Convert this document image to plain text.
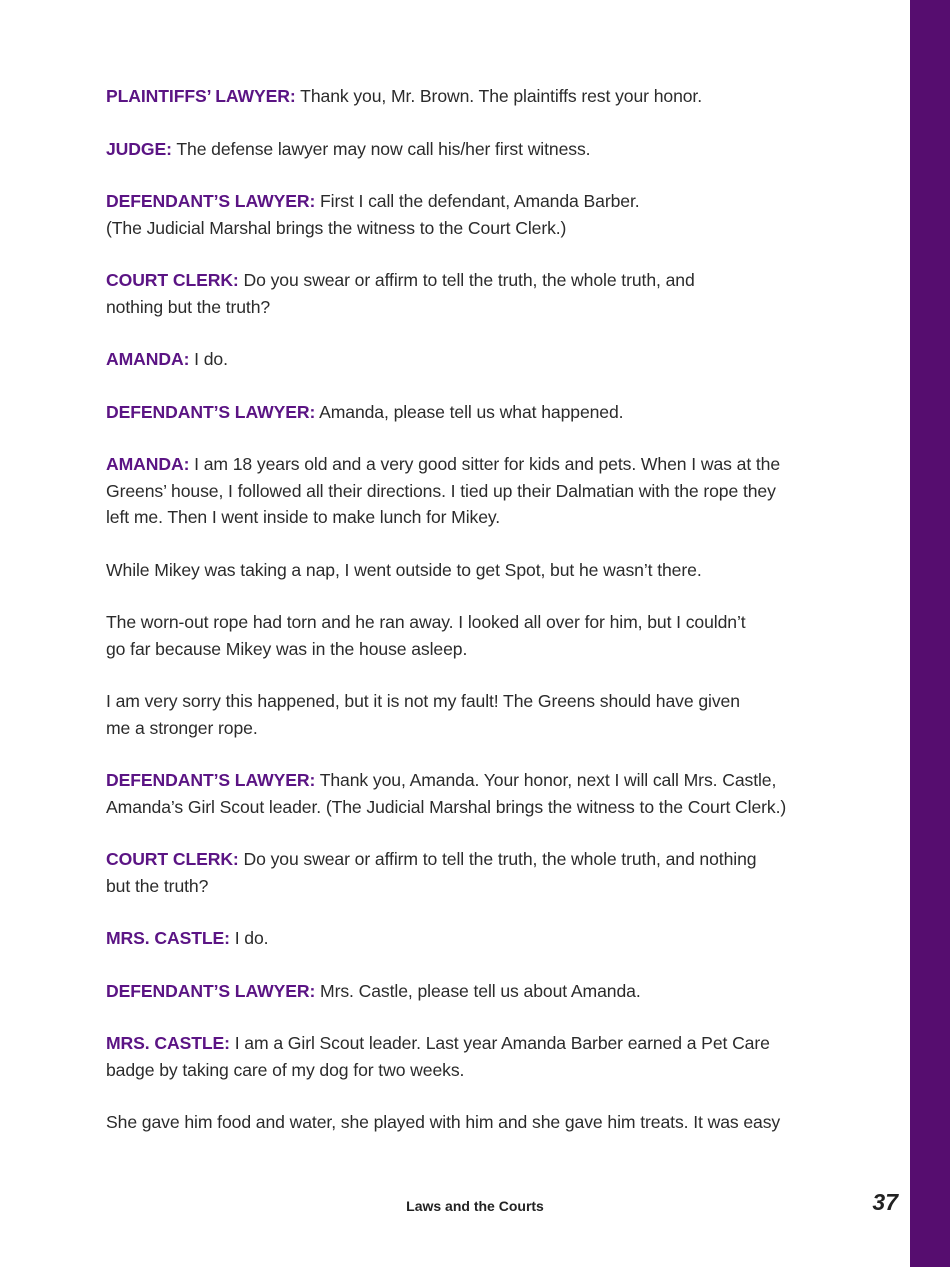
PLAINTIFFS’ LAWYER: Thank you, Mr. Brown. The plaintiffs rest your honor.

JUDGE: The defense lawyer may now call his/her first witness.

DEFENDANT’S LAWYER: First I call the defendant, Amanda Barber.
(The Judicial Marshal brings the witness to the Court Clerk.)

COURT CLERK: Do you swear or affirm to tell the truth, the whole truth, and
nothing but the truth?

AMANDA: I do.

DEFENDANT’S LAWYER: Amanda, please tell us what happened.

AMANDA: I am 18 years old and a very good sitter for kids and pets. When I was at the
Greens’ house, I followed all their directions. I tied up their Dalmatian with the rope they
left me. Then I went inside to make lunch for Mikey.

While Mikey was taking a nap, I went outside to get Spot, but he wasn’t there.

The worn-out rope had torn and he ran away. I looked all over for him, but I couldn’t
go far because Mikey was in the house asleep.

I am very sorry this happened, but it is not my fault! The Greens should have given
me a stronger rope.

DEFENDANT’S LAWYER: Thank you, Amanda. Your honor, next I will call Mrs. Castle,
Amanda’s Girl Scout leader. (The Judicial Marshal brings the witness to the Court Clerk.)

COURT CLERK: Do you swear or affirm to tell the truth, the whole truth, and nothing
but the truth?

MRS. CASTLE: I do.

DEFENDANT’S LAWYER: Mrs. Castle, please tell us about Amanda.

MRS. CASTLE: I am a Girl Scout leader. Last year Amanda Barber earned a Pet Care
badge by taking care of my dog for two weeks.

She gave him food and water, she played with him and she gave him treats. It was easy

Laws and the Courts	37
